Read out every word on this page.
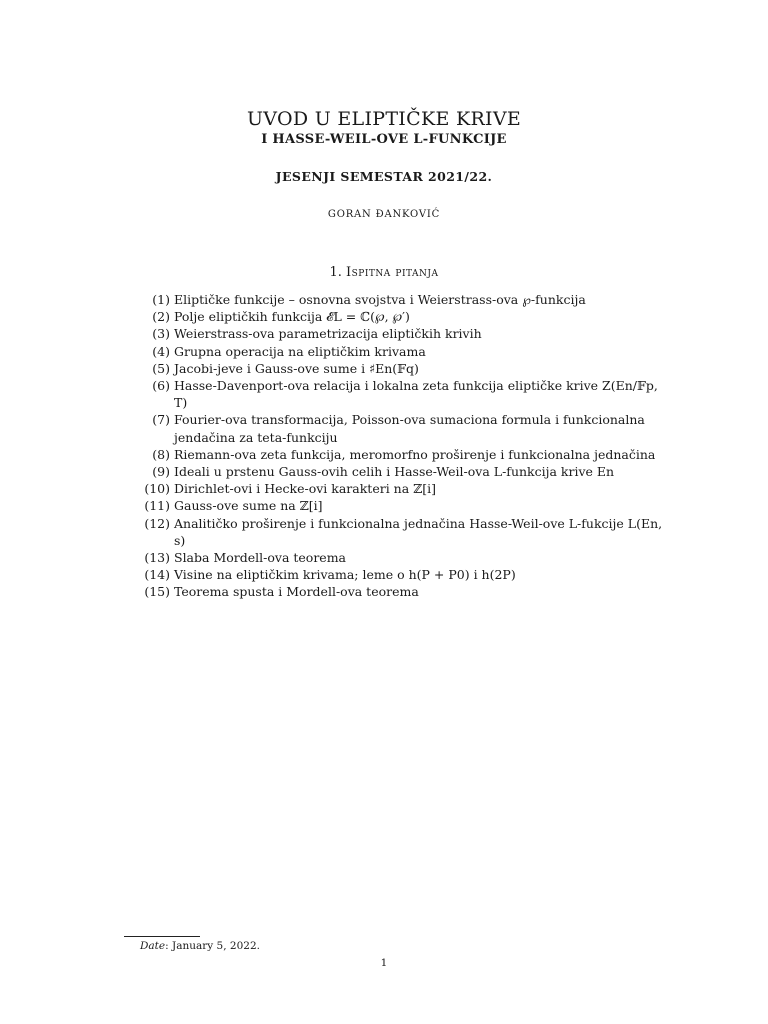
UVOD U ELIPTIČKE KRIVE
I HASSE-WEIL-OVE L-FUNKCIJE
JESENJI SEMESTAR 2021/22.
GORAN ĐANKOVIĆ
1. Ispitna pitanja
(1) Eliptičke funkcije – osnovna svojstva i Weierstrass-ova ℘-funkcija
(2) Polje eliptičkih funkcija 𝓔L = ℂ(℘, ℘′)
(3) Weierstrass-ova parametrizacija eliptičkih krivih
(4) Grupna operacija na eliptičkim krivama
(5) Jacobi-jeve i Gauss-ove sume i ♯En(𝔽q)
(6) Hasse-Davenport-ova relacija i lokalna zeta funkcija eliptičke krive Z(En/𝔽p, T)
(7) Fourier-ova transformacija, Poisson-ova sumaciona formula i funkcionalna jendačina za teta-funkciju
(8) Riemann-ova zeta funkcija, meromorfno proširenje i funkcionalna jednačina
(9) Ideali u prstenu Gauss-ovih celih i Hasse-Weil-ova L-funkcija krive En
(10) Dirichlet-ovi i Hecke-ovi karakteri na ℤ[i]
(11) Gauss-ove sume na ℤ[i]
(12) Analitičko proširenje i funkcionalna jednačina Hasse-Weil-ove L-fukcije L(En, s)
(13) Slaba Mordell-ova teorema
(14) Visine na eliptičkim krivama; leme o h(P + P0) i h(2P)
(15) Teorema spusta i Mordell-ova teorema
Date: January 5, 2022.
1
